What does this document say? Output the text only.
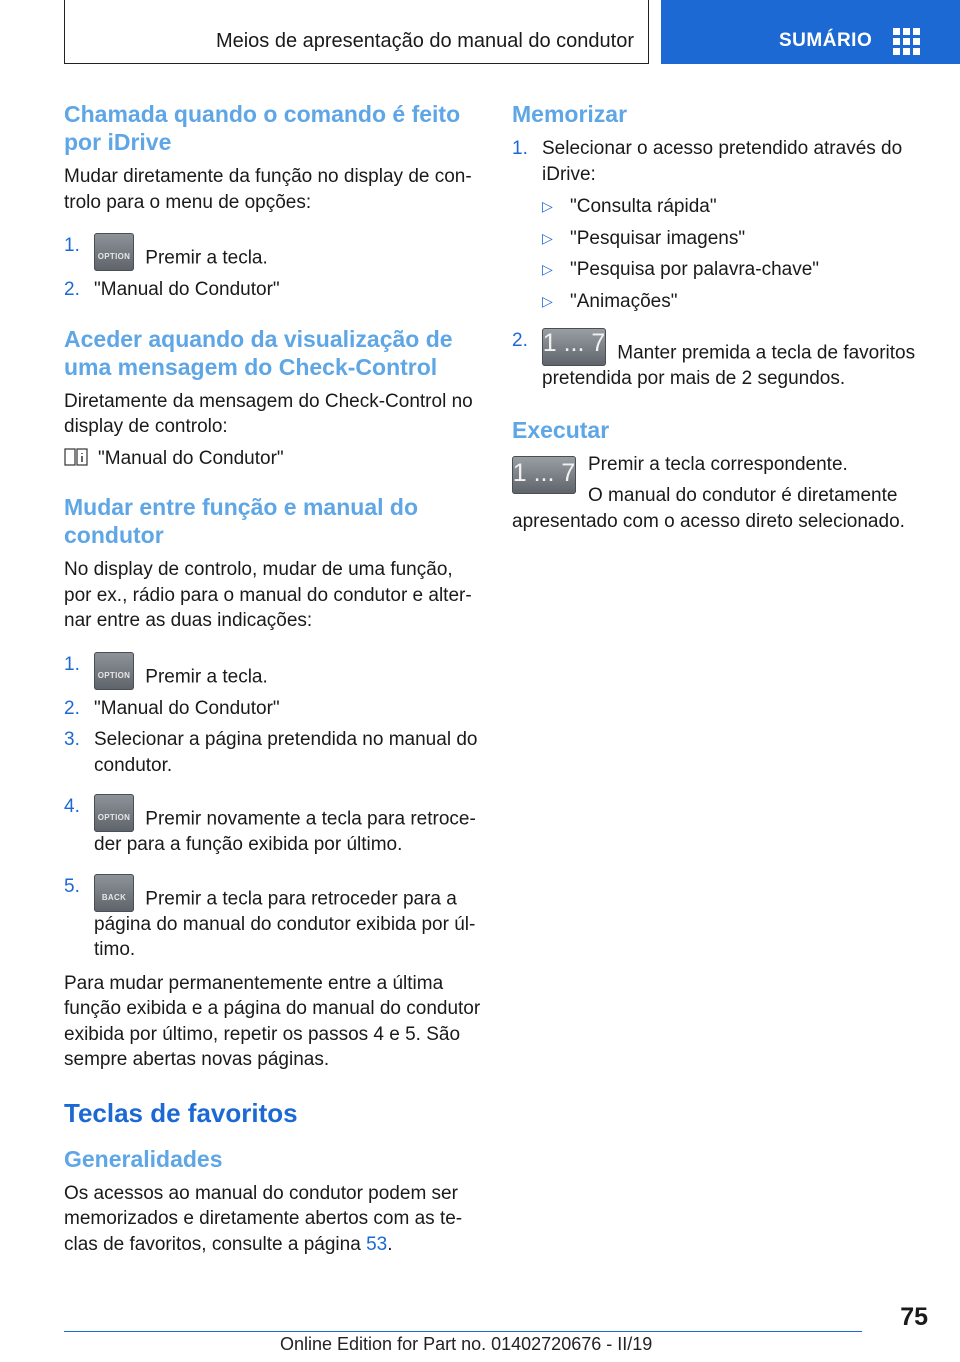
Meios de apresentação do manual do condutor	SUMÁRIO
Chamada quando o comando é feito por iDrive

Mudar diretamente da função no display de con-trolo para o menu de opções:

1.
OPTION Premir a tecla.
2. "Manual do Condutor"
Aceder aquando da visualização de uma mensagem do Check-Control

Diretamente da mensagem do Check-Control no display de controlo:

"Manual do Condutor"

Mudar entre função e manual do condutor

No display de controlo, mudar de uma função, por ex., rádio para o manual do condutor e alter-nar entre as duas indicações:

1.
OPTION Premir a tecla.
2. "Manual do Condutor"
3. Selecionar a página pretendida no manual do condutor.
4.
OPTION Premir novamente a tecla para retroce-der para a função exibida por último.
5.
BACK	Premir a tecla para retroceder para a página do manual do condutor exibida por úl-timo.

Para mudar permanentemente entre a última função exibida e a página do manual do condutor exibida por último, repetir os passos 4 e 5. São sempre abertas novas páginas.

Teclas de favoritos
Generalidades

Os acessos ao manual do condutor podem ser memorizados e diretamente abertos com as te-clas de favoritos, consulte a página 53.

Memorizar
1. Selecionar o acesso pretendido através do iDrive:
▷ "Consulta rápida"
▷ "Pesquisar imagens"
▷ "Pesquisa por palavra-chave"
▷ "Animações"
2. 1 ... 7 Manter premida a tecla de favoritos pretendida por mais de 2 segundos.
Executar
1 ... 7 Premir a tecla correspondente.

O manual do condutor é diretamente apresentado com o acesso direto selecionado.

75
Online Edition for Part no. 01402720676 - II/19
